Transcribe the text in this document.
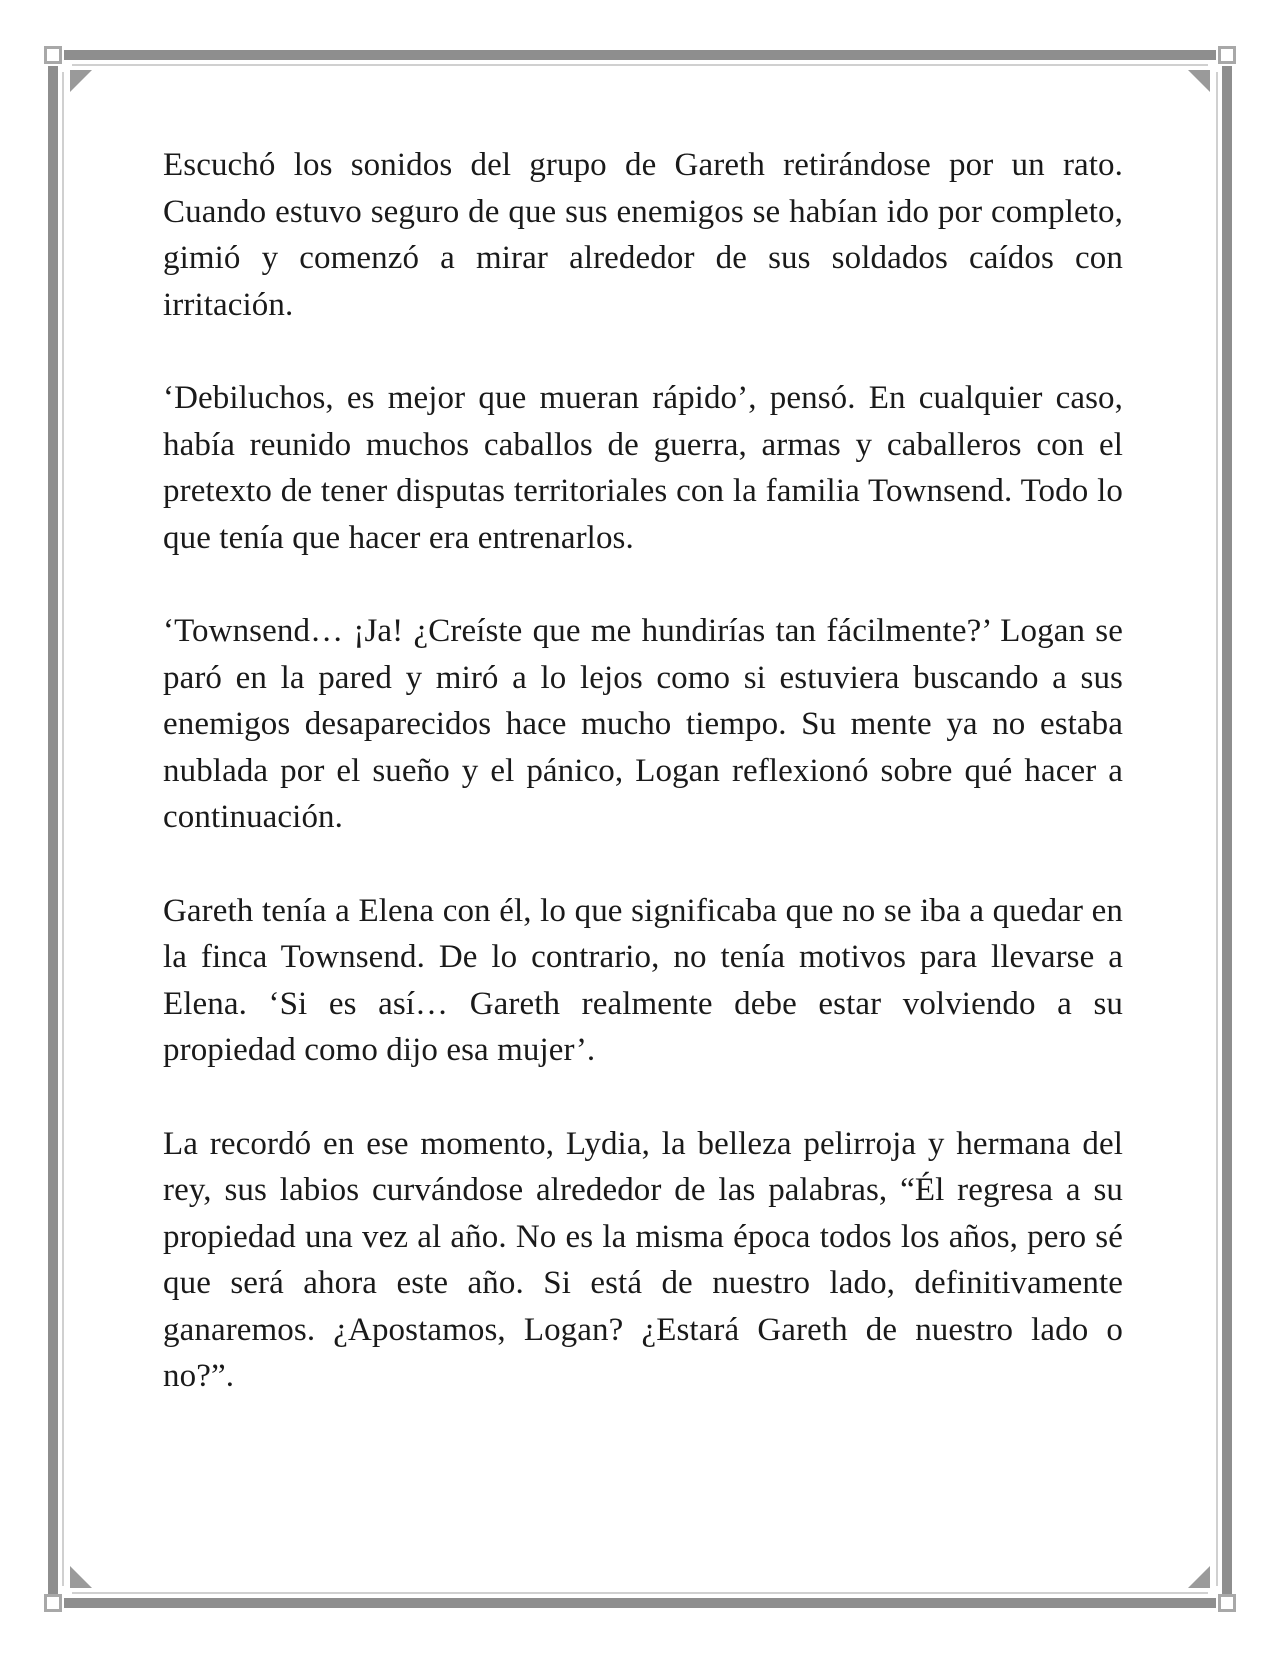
Escuchó los sonidos del grupo de Gareth retirándose por un rato. Cuando estuvo seguro de que sus enemigos se habían ido por completo, gimió y comenzó a mirar alrededor de sus soldados caídos con irritación.

‘Debiluchos, es mejor que mueran rápido’, pensó. En cualquier caso, había reunido muchos caballos de guerra, armas y caballeros con el pretexto de tener disputas territoriales con la familia Townsend. Todo lo que tenía que hacer era entrenarlos.

‘Townsend… ¡Ja! ¿Creíste que me hundirías tan fácilmente?’ Logan se paró en la pared y miró a lo lejos como si estuviera buscando a sus enemigos desaparecidos hace mucho tiempo. Su mente ya no estaba nublada por el sueño y el pánico, Logan reflexionó sobre qué hacer a continuación.

Gareth tenía a Elena con él, lo que significaba que no se iba a quedar en la finca Townsend. De lo contrario, no tenía motivos para llevarse a Elena. ‘Si es así… Gareth realmente debe estar volviendo a su propiedad como dijo esa mujer’.

La recordó en ese momento, Lydia, la belleza pelirroja y hermana del rey, sus labios curvándose alrededor de las palabras, “Él regresa a su propiedad una vez al año. No es la misma época todos los años, pero sé que será ahora este año. Si está de nuestro lado, definitivamente ganaremos. ¿Apostamos, Logan? ¿Estará Gareth de nuestro lado o no?”.
